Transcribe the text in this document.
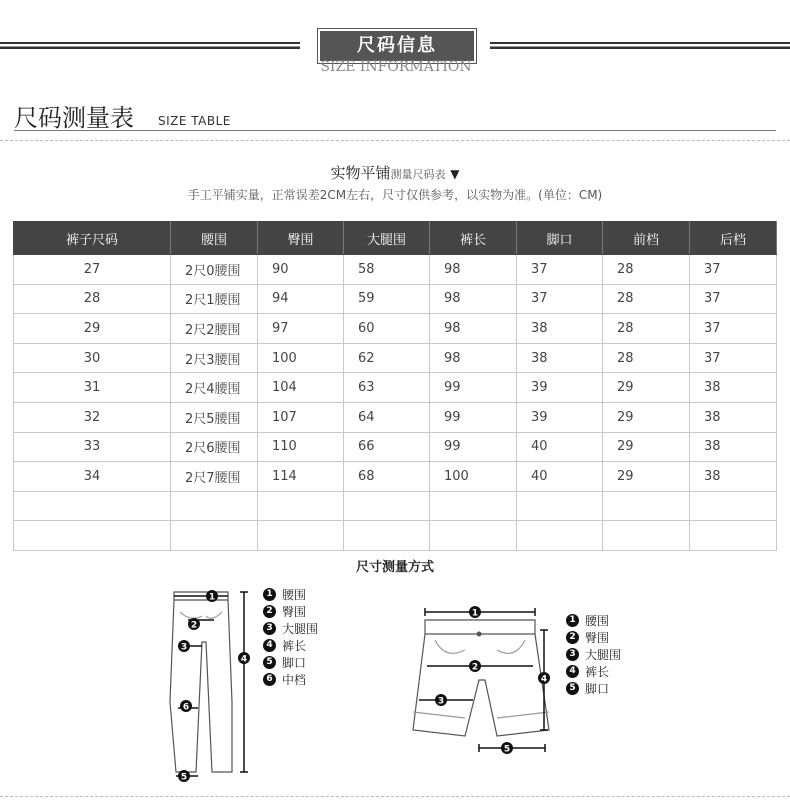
尺码信息
SIZE INFORMATION
尺码测量表 SIZE TABLE
实物平铺测量尺码表 ▼
手工平铺实量，正常误差2CM左右，尺寸仅供参考，以实物为准。(单位：CM)
裤子尺码	腰围	臀围	大腿围	裤长	脚口	前档	后档
27	2尺0腰围	90	58	98	37	28	37
28	2尺1腰围	94	59	98	37	28	37
29	2尺2腰围	97	60	98	38	28	37
30	2尺3腰围	100	62	98	38	28	37
31	2尺4腰围	104	63	99	39	29	38
32	2尺5腰围	107	64	99	39	29	38
33	2尺6腰围	110	66	99	40	29	38
34	2尺7腰围	114	68	100	40	29	38

尺寸测量方式
1
2
3
4
5
6
1 腰围
2 臀围
3 大腿围
4 裤长
5 脚口
6 中档
1
2
3
4
5
1 腰围
2 臀围
3 大腿围
4 裤长
5 脚口
